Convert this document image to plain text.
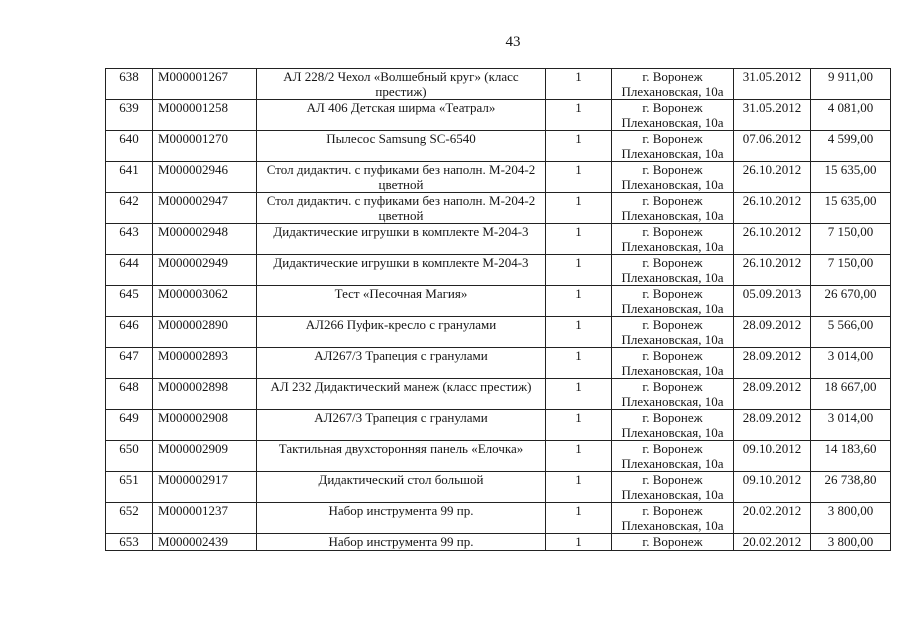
43
638	M000001267	АЛ 228/2 Чехол «Волшебный круг» (класс престиж)	1	г. Воронеж Плехановская, 10а	31.05.2012	9 911,00
639	M000001258	АЛ 406 Детская ширма «Театрал»	1	г. Воронеж Плехановская, 10а	31.05.2012	4 081,00
640	M000001270	Пылесос Samsung SC-6540	1	г. Воронеж Плехановская, 10а	07.06.2012	4 599,00
641	M000002946	Стол дидактич. с пуфиками без наполн. М-204-2 цветной	1	г. Воронеж Плехановская, 10а	26.10.2012	15 635,00
642	M000002947	Стол дидактич. с пуфиками без наполн. М-204-2 цветной	1	г. Воронеж Плехановская, 10а	26.10.2012	15 635,00
643	M000002948	Дидактические игрушки в комплекте М-204-3	1	г. Воронеж Плехановская, 10а	26.10.2012	7 150,00
644	M000002949	Дидактические игрушки в комплекте М-204-3	1	г. Воронеж Плехановская, 10а	26.10.2012	7 150,00
645	M000003062	Тест «Песочная Магия»	1	г. Воронеж Плехановская, 10а	05.09.2013	26 670,00
646	M000002890	АЛ266 Пуфик-кресло с гранулами	1	г. Воронеж Плехановская, 10а	28.09.2012	5 566,00
647	M000002893	АЛ267/3 Трапеция с гранулами	1	г. Воронеж Плехановская, 10а	28.09.2012	3 014,00
648	M000002898	АЛ 232 Дидактический манеж (класс престиж)	1	г. Воронеж Плехановская, 10а	28.09.2012	18 667,00
649	M000002908	АЛ267/3 Трапеция с гранулами	1	г. Воронеж Плехановская, 10а	28.09.2012	3 014,00
650	M000002909	Тактильная двухсторонняя панель «Елочка»	1	г. Воронеж Плехановская, 10а	09.10.2012	14 183,60
651	M000002917	Дидактический стол большой	1	г. Воронеж Плехановская, 10а	09.10.2012	26 738,80
652	M000001237	Набор инструмента 99 пр.	1	г. Воронеж Плехановская, 10а	20.02.2012	3 800,00
653	M000002439	Набор инструмента 99 пр.	1	г. Воронеж	20.02.2012	3 800,00
